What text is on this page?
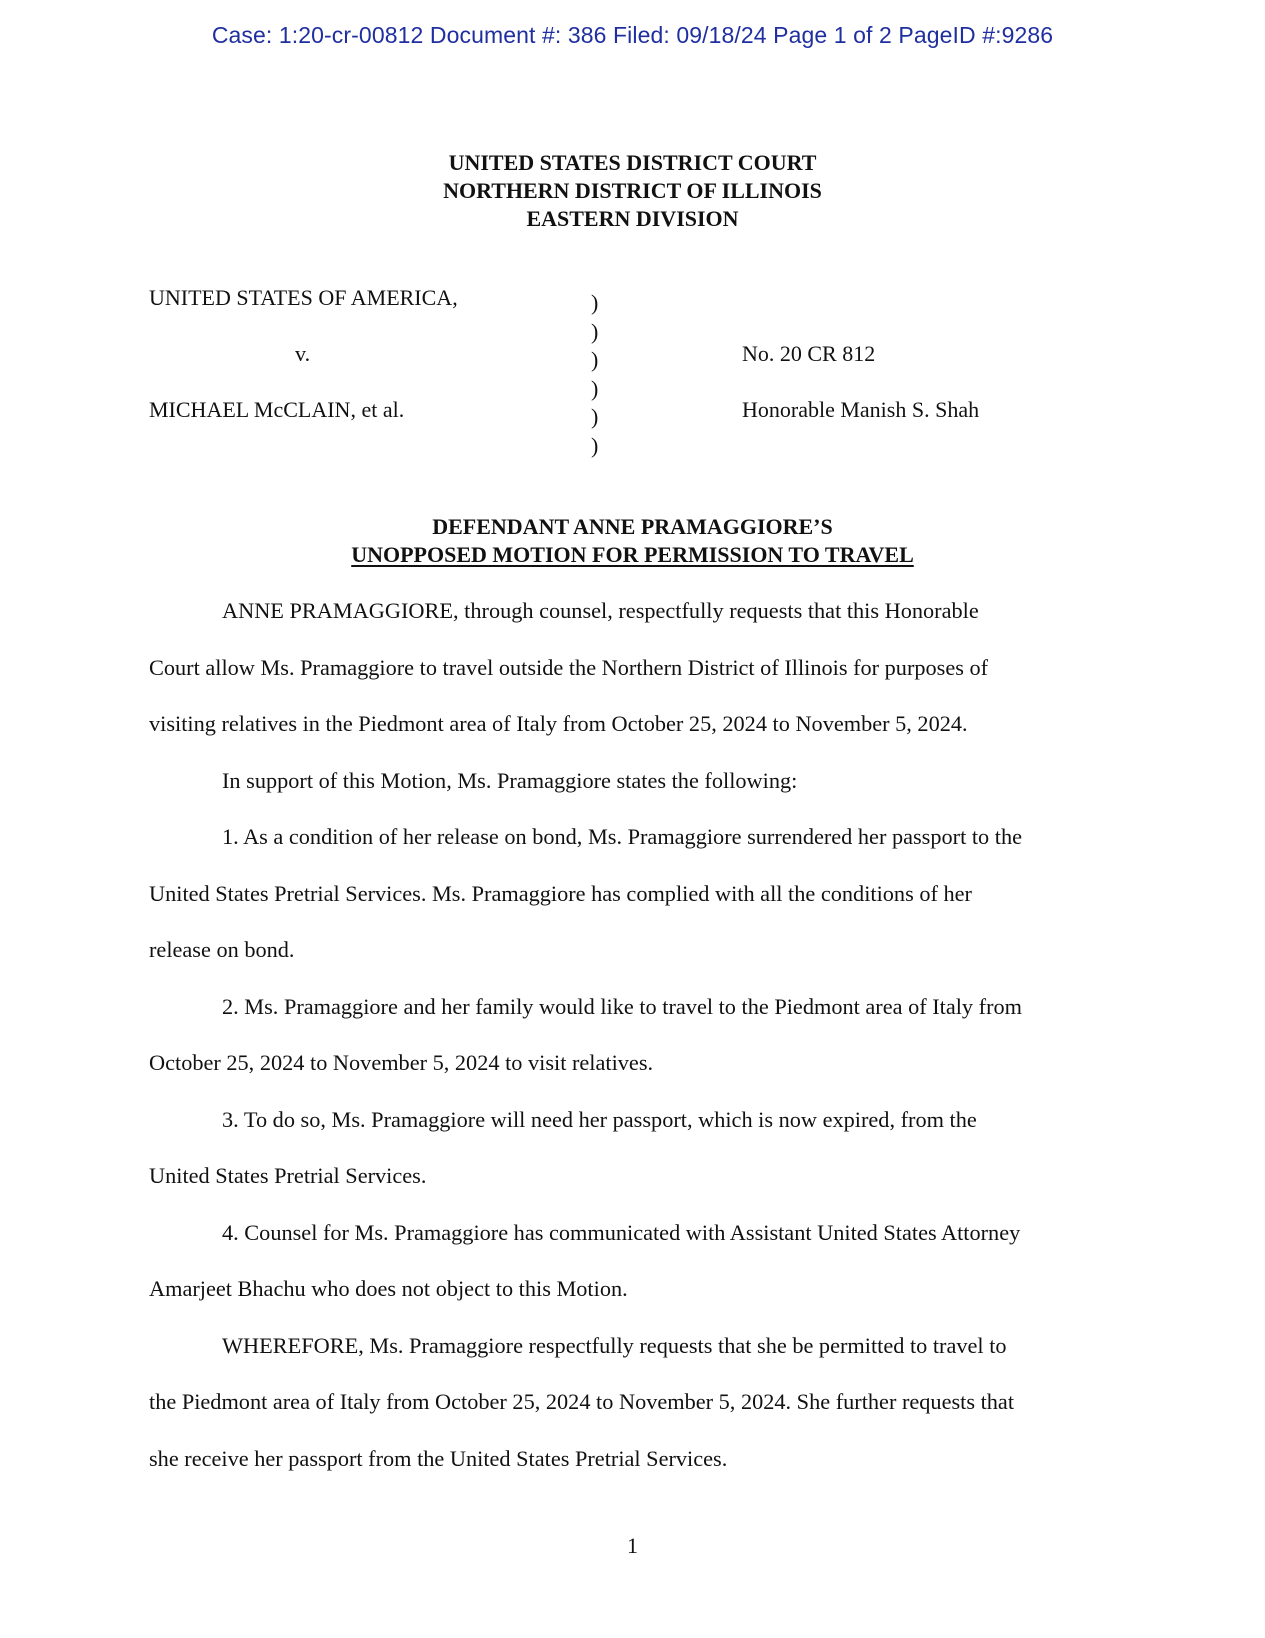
Case: 1:20-cr-00812 Document #: 386 Filed: 09/18/24 Page 1 of 2 PageID #:9286
UNITED STATES DISTRICT COURT
NORTHERN DISTRICT OF ILLINOIS
EASTERN DIVISION
UNITED STATES OF AMERICA,
v.
MICHAEL McCLAIN, et al.
)
)
)
)
)
)
No. 20 CR 812
Honorable Manish S. Shah
DEFENDANT ANNE PRAMAGGIORE’S
UNOPPOSED MOTION FOR PERMISSION TO TRAVEL
ANNE PRAMAGGIORE, through counsel, respectfully requests that this Honorable
Court allow Ms. Pramaggiore to travel outside the Northern District of Illinois for purposes of
visiting relatives in the Piedmont area of Italy from October 25, 2024 to November 5, 2024.
In support of this Motion, Ms. Pramaggiore states the following:
1. As a condition of her release on bond, Ms. Pramaggiore surrendered her passport to the
United States Pretrial Services. Ms. Pramaggiore has complied with all the conditions of her
release on bond.
2. Ms. Pramaggiore and her family would like to travel to the Piedmont area of Italy from
October 25, 2024 to November 5, 2024 to visit relatives.
3. To do so, Ms. Pramaggiore will need her passport, which is now expired, from the
United States Pretrial Services.
4. Counsel for Ms. Pramaggiore has communicated with Assistant United States Attorney
Amarjeet Bhachu who does not object to this Motion.
WHEREFORE, Ms. Pramaggiore respectfully requests that she be permitted to travel to
the Piedmont area of Italy from October 25, 2024 to November 5, 2024. She further requests that
she receive her passport from the United States Pretrial Services.
1
